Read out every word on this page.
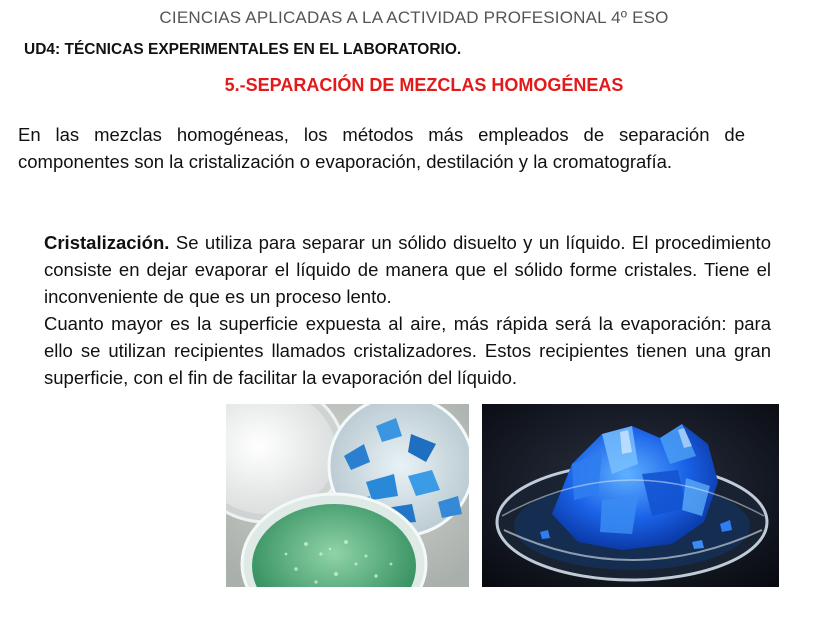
CIENCIAS APLICADAS A LA ACTIVIDAD PROFESIONAL 4º ESO
UD4: TÉCNICAS EXPERIMENTALES EN EL LABORATORIO.
5.-SEPARACIÓN DE MEZCLAS HOMOGÉNEAS

En las mezclas homogéneas, los métodos más empleados de separación de componentes son la cristalización o evaporación, destilación y la cromatografía.

Cristalización. Se utiliza para separar un sólido disuelto y un líquido. El procedimiento consiste en dejar evaporar el líquido de manera que el sólido forme cristales. Tiene el inconveniente de que es un proceso lento.

Cuanto mayor es la superficie expuesta al aire, más rápida será la evaporación: para ello se utilizan recipientes llamados cristalizadores. Estos recipientes tienen una gran superficie, con el fin de facilitar la evaporación del líquido.
